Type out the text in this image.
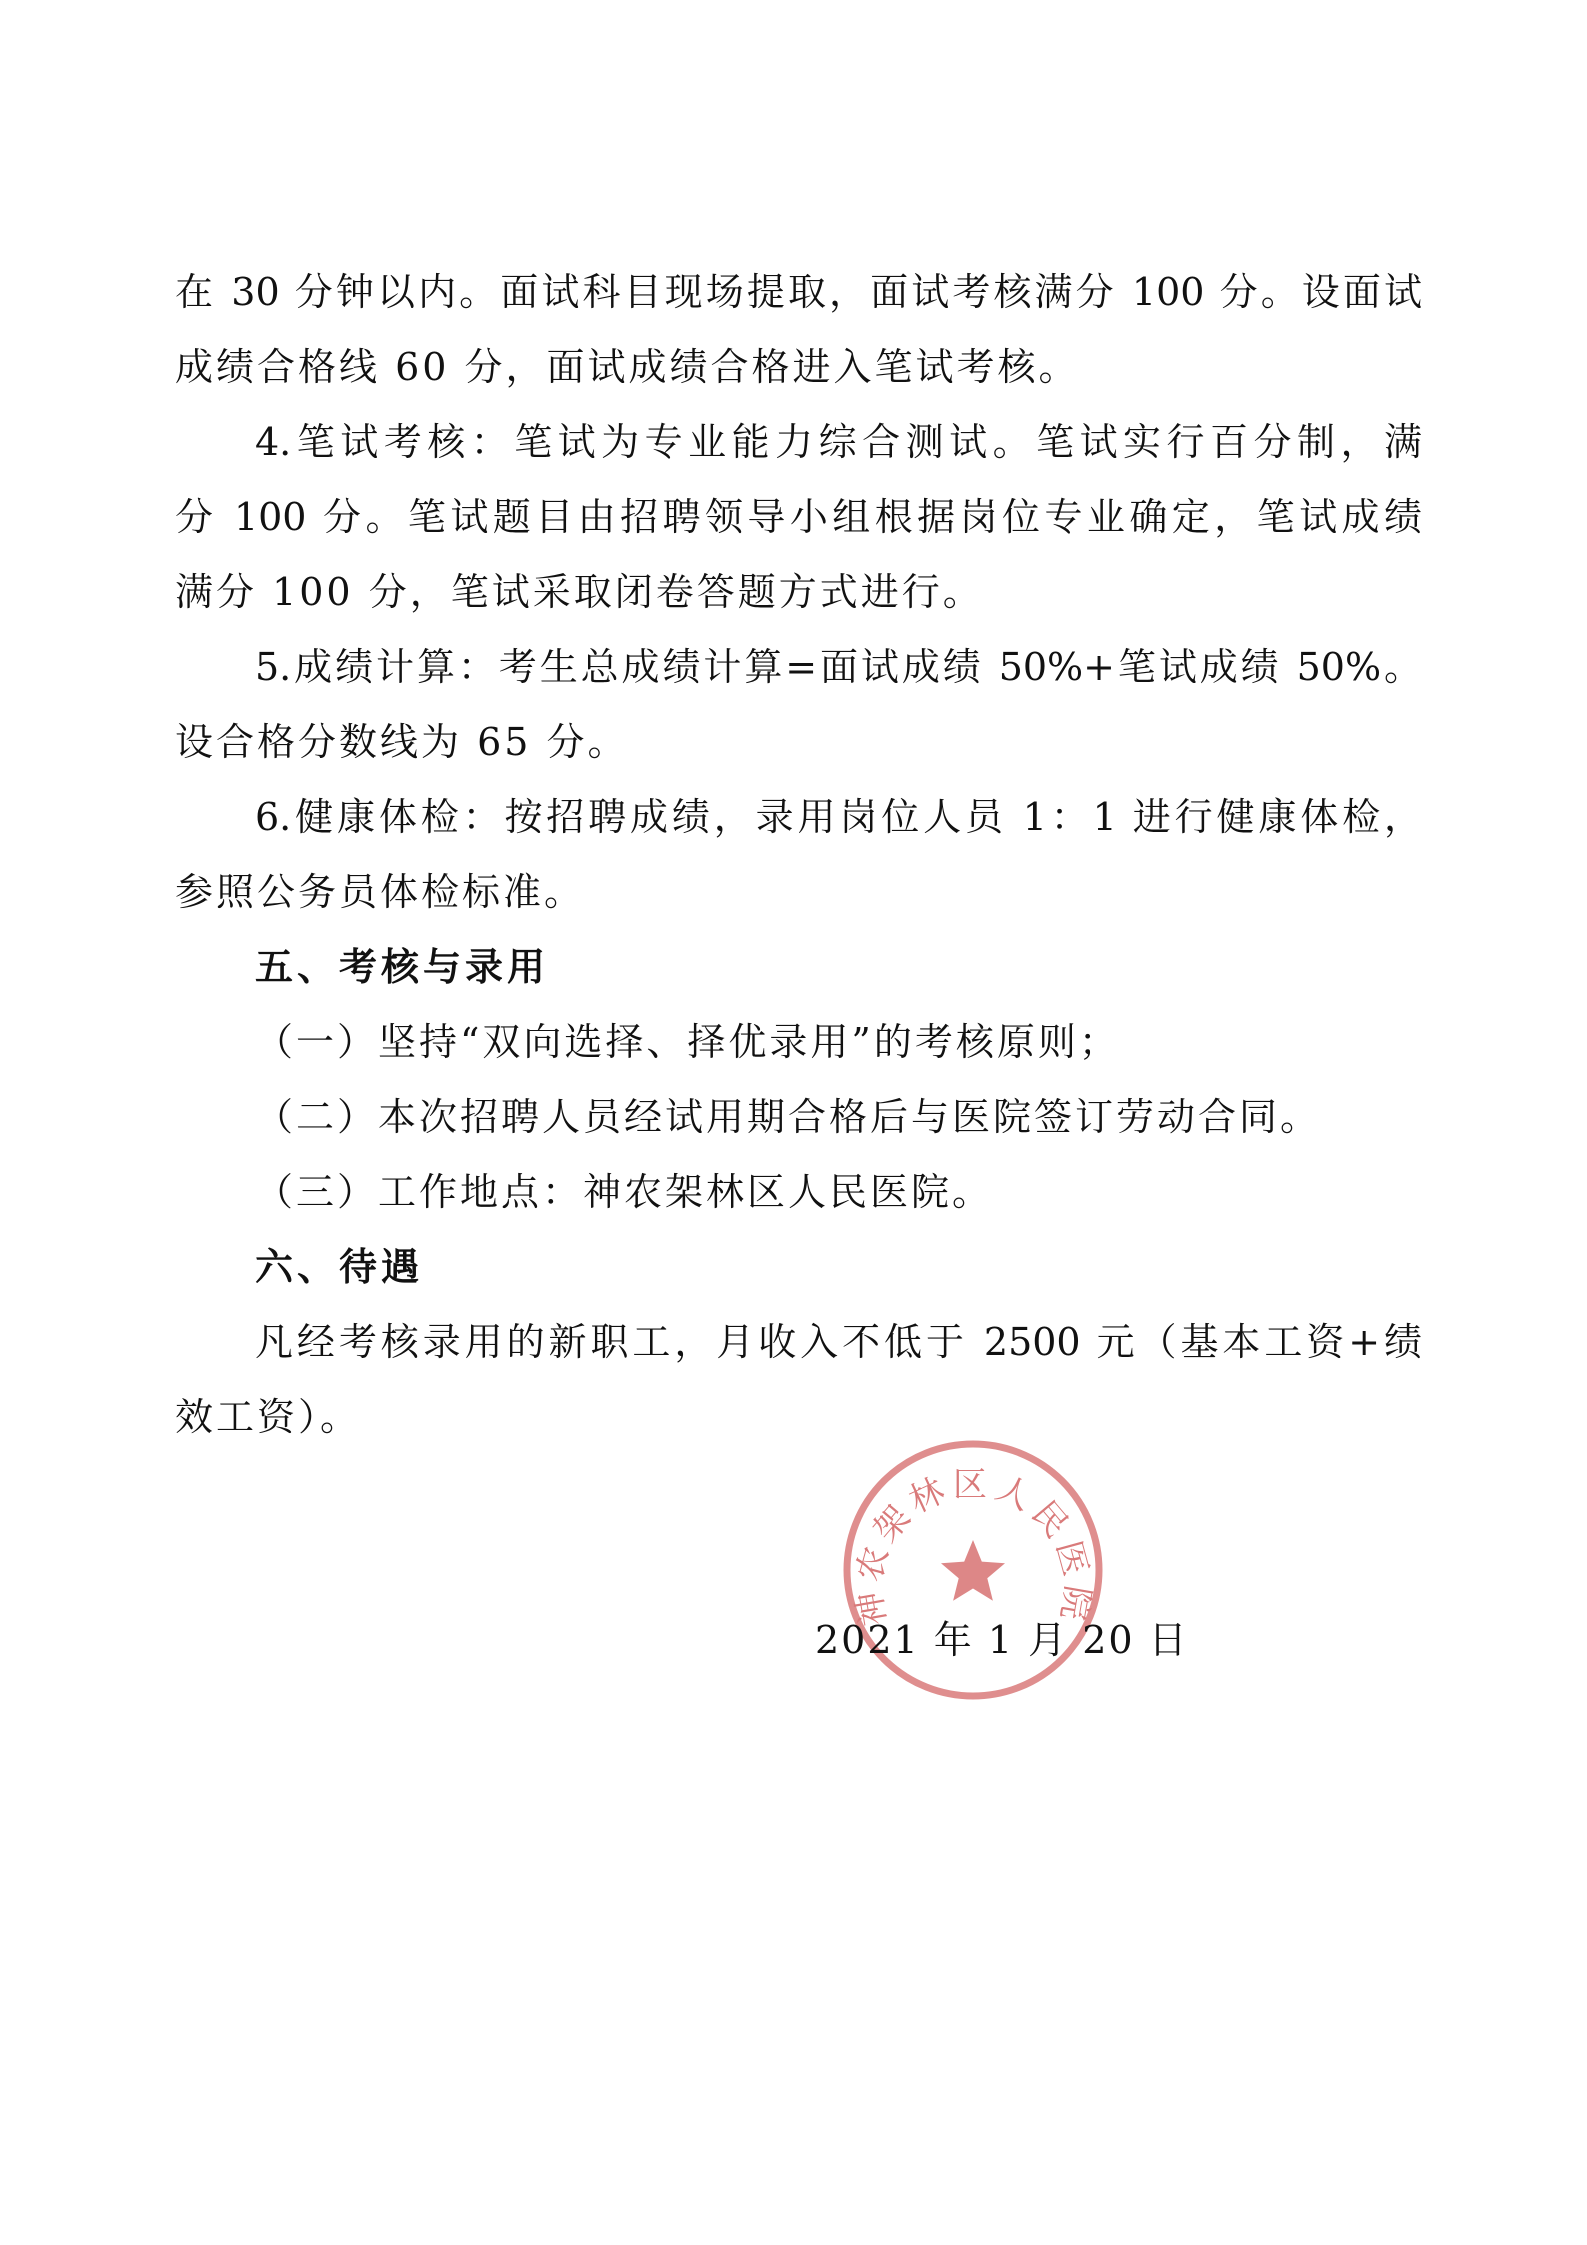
在 30 分钟以内。面试科目现场提取，面试考核满分 100 分。设面试
成绩合格线 60 分，面试成绩合格进入笔试考核。
4.笔试考核：笔试为专业能力综合测试。笔试实行百分制，满
分 100 分。笔试题目由招聘领导小组根据岗位专业确定，笔试成绩
满分 100 分，笔试采取闭卷答题方式进行。
5.成绩计算：考生总成绩计算=面试成绩 50%+笔试成绩 50%。
设合格分数线为 65 分。
6.健康体检：按招聘成绩，录用岗位人员 1：1 进行健康体检，
参照公务员体检标准。
五、考核与录用
（一）坚持“双向选择、择优录用”的考核原则；
（二）本次招聘人员经试用期合格后与医院签订劳动合同。
（三）工作地点：神农架林区人民医院。
六、待遇
凡经考核录用的新职工，月收入不低于 2500 元（基本工资+绩
效工资）。
神农架林区人民医院
2021 年 1 月 20 日
